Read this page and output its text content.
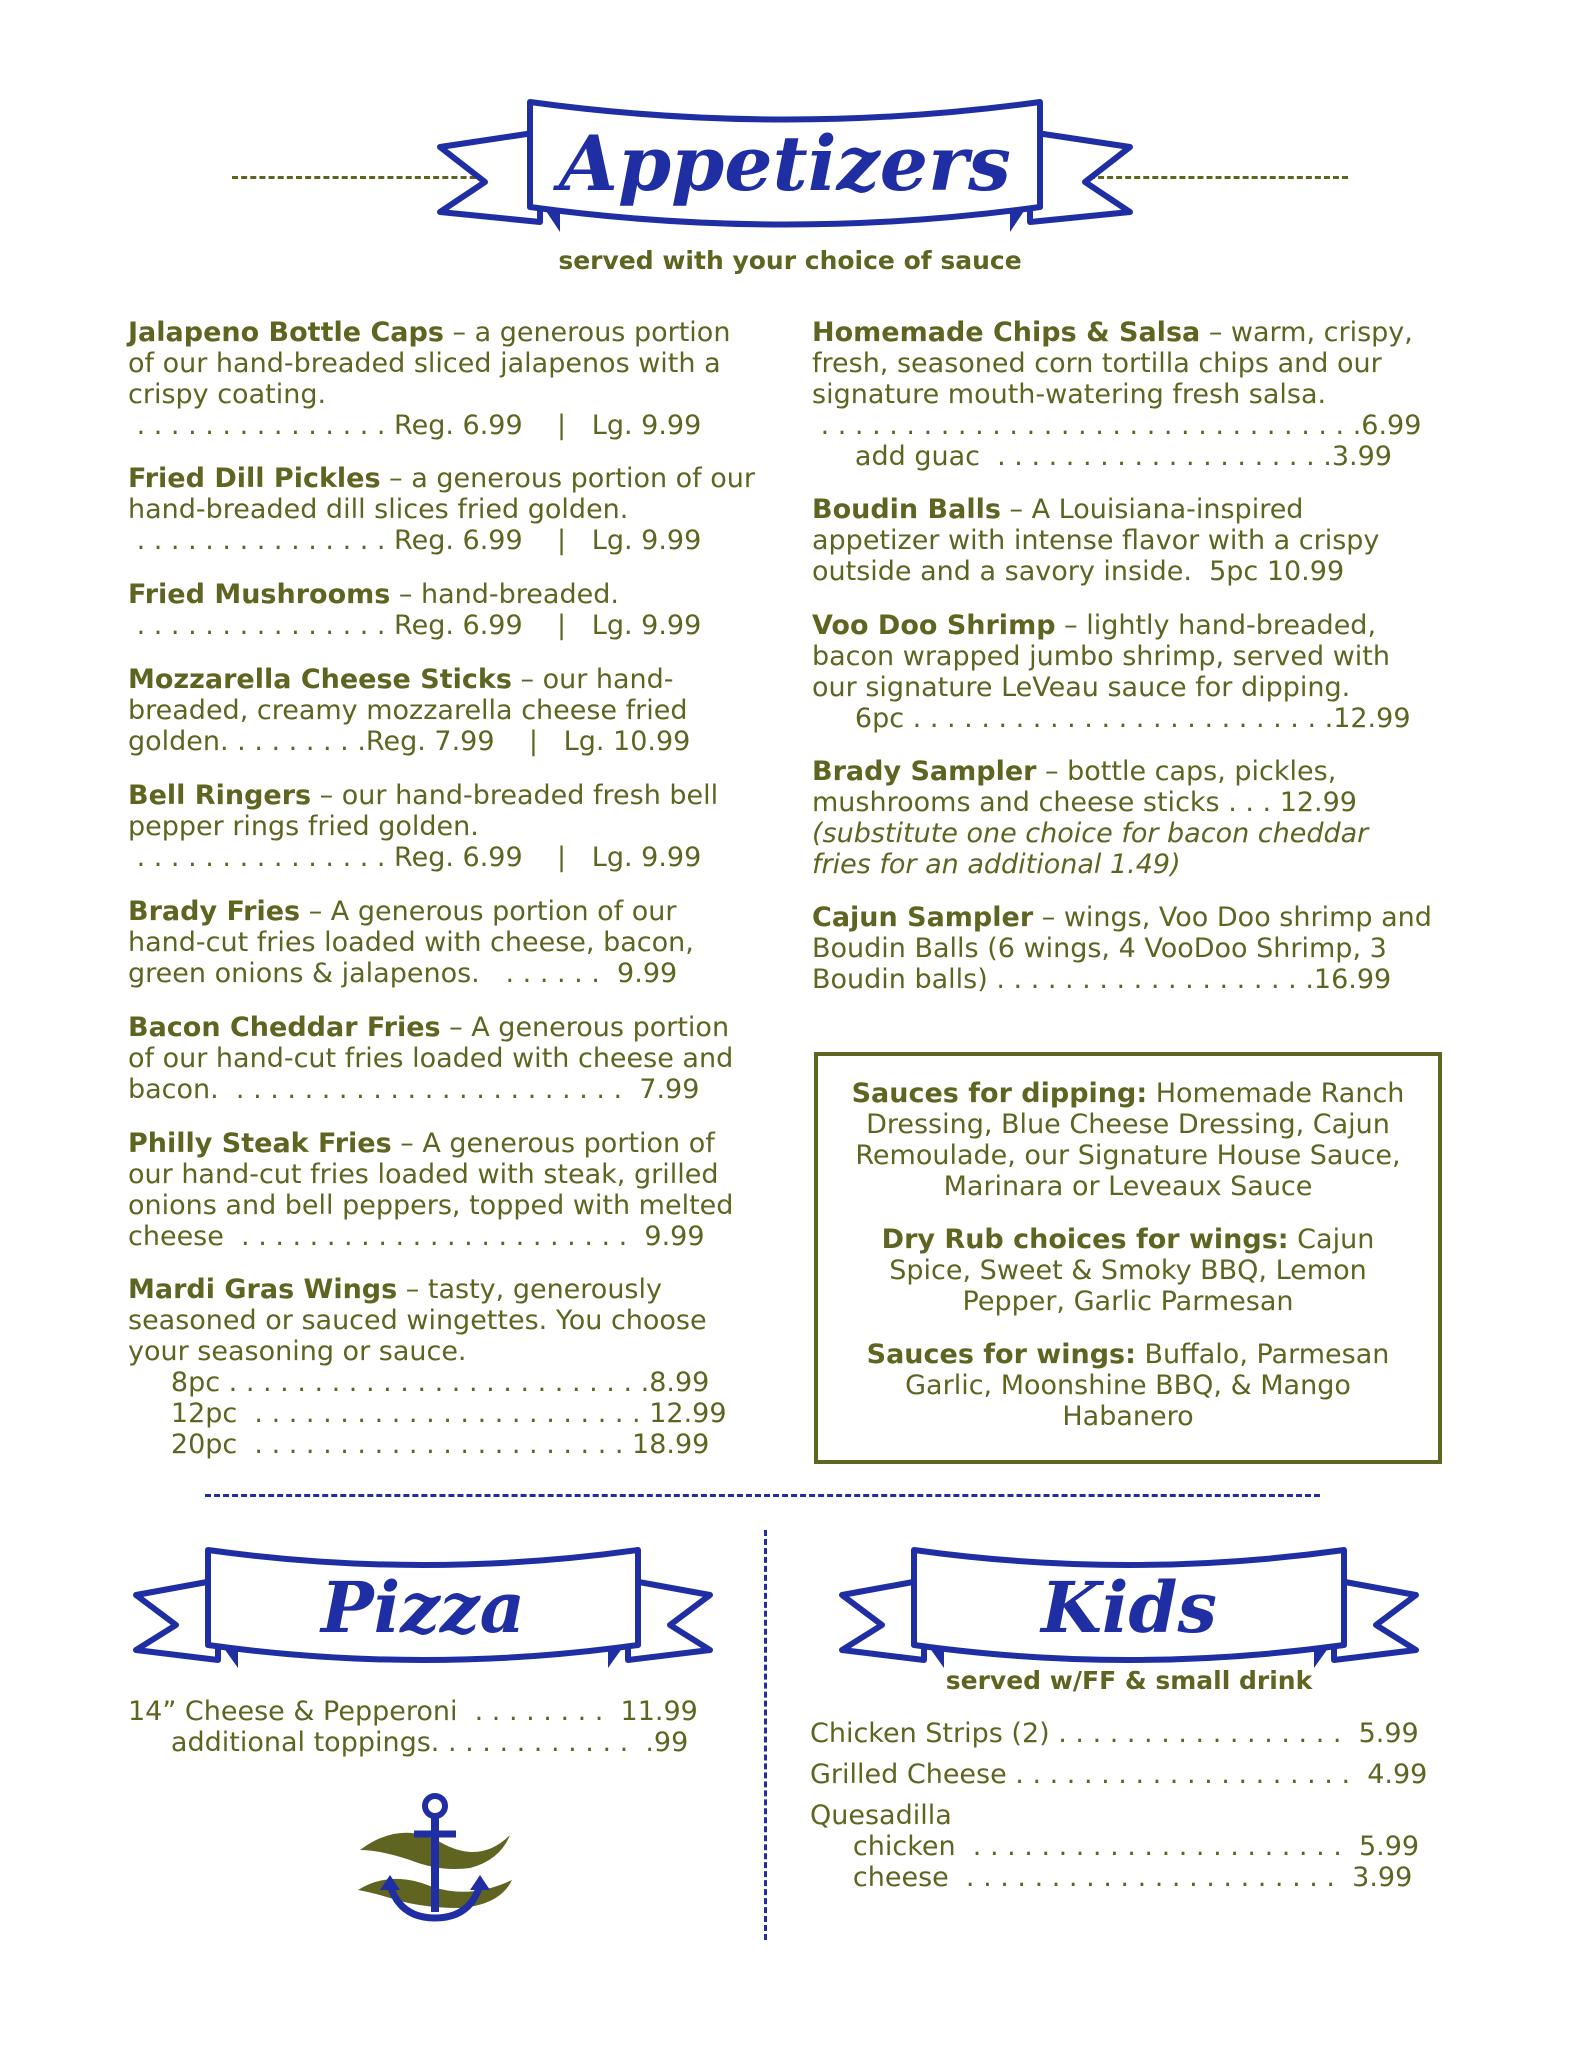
Appetizers
served with your choice of sauce
Jalapeno Bottle Caps – a generous portion
of our hand-breaded sliced jalapenos with a
crispy coating.
. . . . . . . . . . . . . . . Reg. 6.99    |   Lg. 9.99
Fried Dill Pickles – a generous portion of our
hand-breaded dill slices fried golden.
. . . . . . . . . . . . . . . Reg. 6.99    |   Lg. 9.99
Fried Mushrooms – hand-breaded.
. . . . . . . . . . . . . . . Reg. 6.99    |   Lg. 9.99
Mozzarella Cheese Sticks – our hand-
breaded, creamy mozzarella cheese fried
golden. . . . . . . . .Reg. 7.99    |   Lg. 10.99
Bell Ringers – our hand-breaded fresh bell
pepper rings fried golden.
. . . . . . . . . . . . . . . Reg. 6.99    |   Lg. 9.99
Brady Fries – A generous portion of our
hand-cut fries loaded with cheese, bacon,
green onions & jalapenos.   . . . . . .  9.99
Bacon Cheddar Fries – A generous portion
of our hand-cut fries loaded with cheese and
bacon.  . . . . . . . . . . . . . . . . . . . . . . .  7.99
Philly Steak Fries – A generous portion of
our hand-cut fries loaded with steak, grilled
onions and bell peppers, topped with melted
cheese  . . . . . . . . . . . . . . . . . . . . . . .  9.99
Mardi Gras Wings – tasty, generously
seasoned or sauced wingettes. You choose
your seasoning or sauce.
8pc . . . . . . . . . . . . . . . . . . . . . . . . .8.99
12pc  . . . . . . . . . . . . . . . . . . . . . . . 12.99
20pc  . . . . . . . . . . . . . . . . . . . . . . 18.99
Homemade Chips & Salsa – warm, crispy,
fresh, seasoned corn tortilla chips and our
signature mouth-watering fresh salsa.
. . . . . . . . . . . . . . . . . . . . . . . . . . . . . . . .6.99
add guac  . . . . . . . . . . . . . . . . . . . .3.99
Boudin Balls – A Louisiana-inspired
appetizer with intense flavor with a crispy
outside and a savory inside.  5pc 10.99
Voo Doo Shrimp – lightly hand-breaded,
bacon wrapped jumbo shrimp, served with
our signature LeVeau sauce for dipping.
6pc . . . . . . . . . . . . . . . . . . . . . . . . .12.99
Brady Sampler – bottle caps, pickles,
mushrooms and cheese sticks . . . 12.99
(substitute one choice for bacon cheddar
fries for an additional 1.49)
Cajun Sampler – wings, Voo Doo shrimp and
Boudin Balls (6 wings, 4 VooDoo Shrimp, 3
Boudin balls) . . . . . . . . . . . . . . . . . . .16.99

Sauces for dipping: Homemade Ranch Dressing, Blue Cheese Dressing, Cajun Remoulade, our Signature House Sauce, Marinara or Leveaux Sauce

Dry Rub choices for wings: Cajun Spice, Sweet & Smoky BBQ, Lemon Pepper, Garlic Parmesan

Sauces for wings: Buffalo, Parmesan Garlic, Moonshine BBQ, & Mango Habanero

Pizza
14” Cheese & Pepperoni  . . . . . . . .  11.99
additional toppings. . . . . . . . . . . .  .99
Kids
served w/FF & small drink
Chicken Strips (2) . . . . . . . . . . . . . . . . .  5.99
Grilled Cheese . . . . . . . . . . . . . . . . . . . .  4.99
Quesadilla
chicken  . . . . . . . . . . . . . . . . . . . . . .  5.99
cheese  . . . . . . . . . . . . . . . . . . . . . .  3.99
